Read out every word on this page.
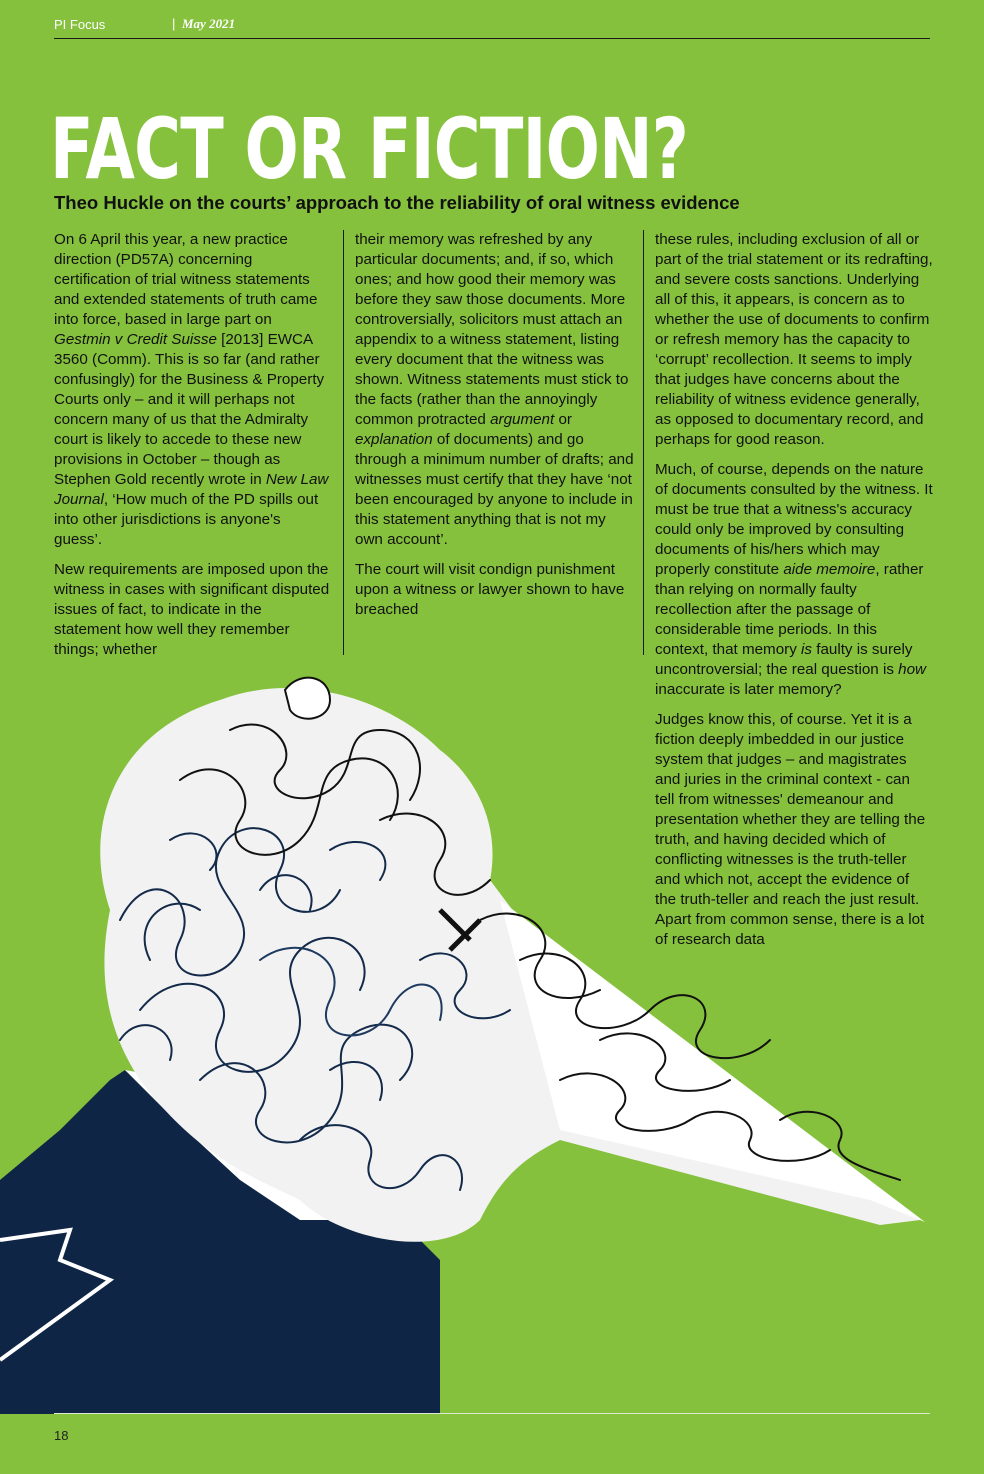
PI Focus	| May 2021
FACT OR FICTION?
Theo Huckle on the courts’ approach to the reliability of oral witness evidence

On 6 April this year, a new practice direction (PD57A) concerning certification of trial witness statements and extended statements of truth came into force, based in large part on Gestmin v Credit Suisse [2013] EWCA 3560 (Comm). This is so far (and rather confusingly) for the Business & Property Courts only – and it will perhaps not concern many of us that the Admiralty court is likely to accede to these new provisions in October – though as Stephen Gold recently wrote in New Law Journal, ‘How much of the PD spills out into other jurisdictions is anyone's guess’.

New requirements are imposed upon the witness in cases with significant disputed issues of fact, to indicate in the statement how well they remember things; whether

their memory was refreshed by any particular documents; and, if so, which ones; and how good their memory was before they saw those documents. More controversially, solicitors must attach an appendix to a witness statement, listing every document that the witness was shown. Witness statements must stick to the facts (rather than the annoyingly common protracted argument or explanation of documents) and go through a minimum number of drafts; and witnesses must certify that they have ‘not been encouraged by anyone to include in this statement anything that is not my own account’.

The court will visit condign punishment upon a witness or lawyer shown to have breached

these rules, including exclusion of all or part of the trial statement or its redrafting, and severe costs sanctions. Underlying all of this, it appears, is concern as to whether the use of documents to confirm or refresh memory has the capacity to ‘corrupt’ recollection. It seems to imply that judges have concerns about the reliability of witness evidence generally, as opposed to documentary record, and perhaps for good reason.

Much, of course, depends on the nature of documents consulted by the witness. It must be true that a witness's accuracy could only be improved by consulting documents of his/hers which may properly constitute aide memoire, rather than relying on normally faulty recollection after the passage of considerable time periods. In this context, that memory is faulty is surely uncontroversial; the real question is how inaccurate is later memory?

Judges know this, of course. Yet it is a fiction deeply imbedded in our justice system that judges – and magistrates and juries in the criminal context - can tell from witnesses' demeanour and presentation whether they are telling the truth, and having decided which of conflicting witnesses is the truth-teller and which not, accept the evidence of the truth-teller and reach the just result. Apart from common sense, there is a lot of research data

18
